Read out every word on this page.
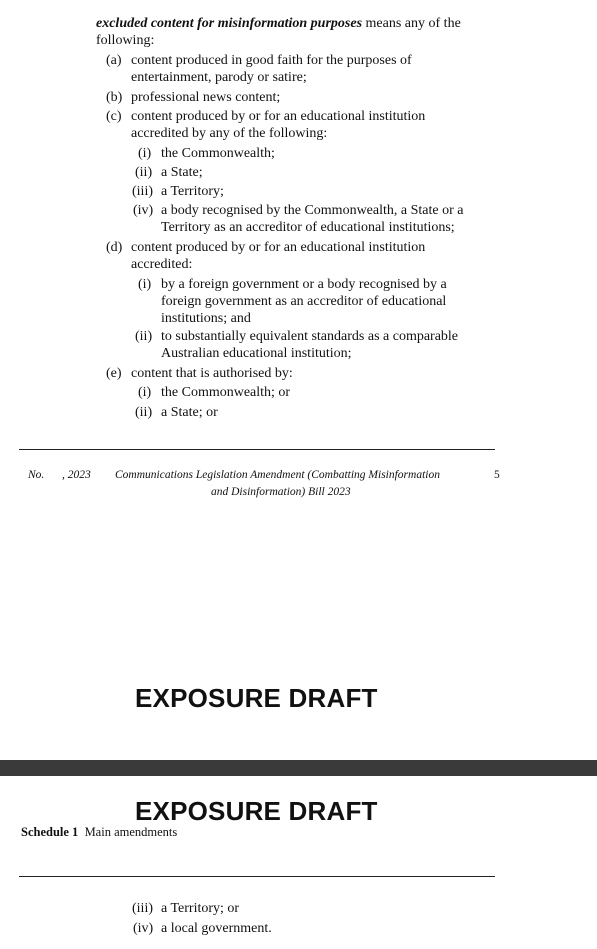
excluded content for misinformation purposes means any of the
following:
(a) content produced in good faith for the purposes of
entertainment, parody or satire;
(b) professional news content;
(c) content produced by or for an educational institution
accredited by any of the following:
(i) the Commonwealth;
(ii) a State;
(iii) a Territory;
(iv) a body recognised by the Commonwealth, a State or a
Territory as an accreditor of educational institutions;
(d) content produced by or for an educational institution
accredited:
(i) by a foreign government or a body recognised by a
foreign government as an accreditor of educational
institutions; and
(ii) to substantially equivalent standards as a comparable
Australian educational institution;
(e) content that is authorised by:
(i) the Commonwealth; or
(ii) a State; or
No. , 2023 Communications Legislation Amendment (Combatting Misinformation
and Disinformation) Bill 2023
5
EXPOSURE DRAFT
EXPOSURE DRAFT
Schedule 1 Main amendments
(iii) a Territory; or
(iv) a local government.
